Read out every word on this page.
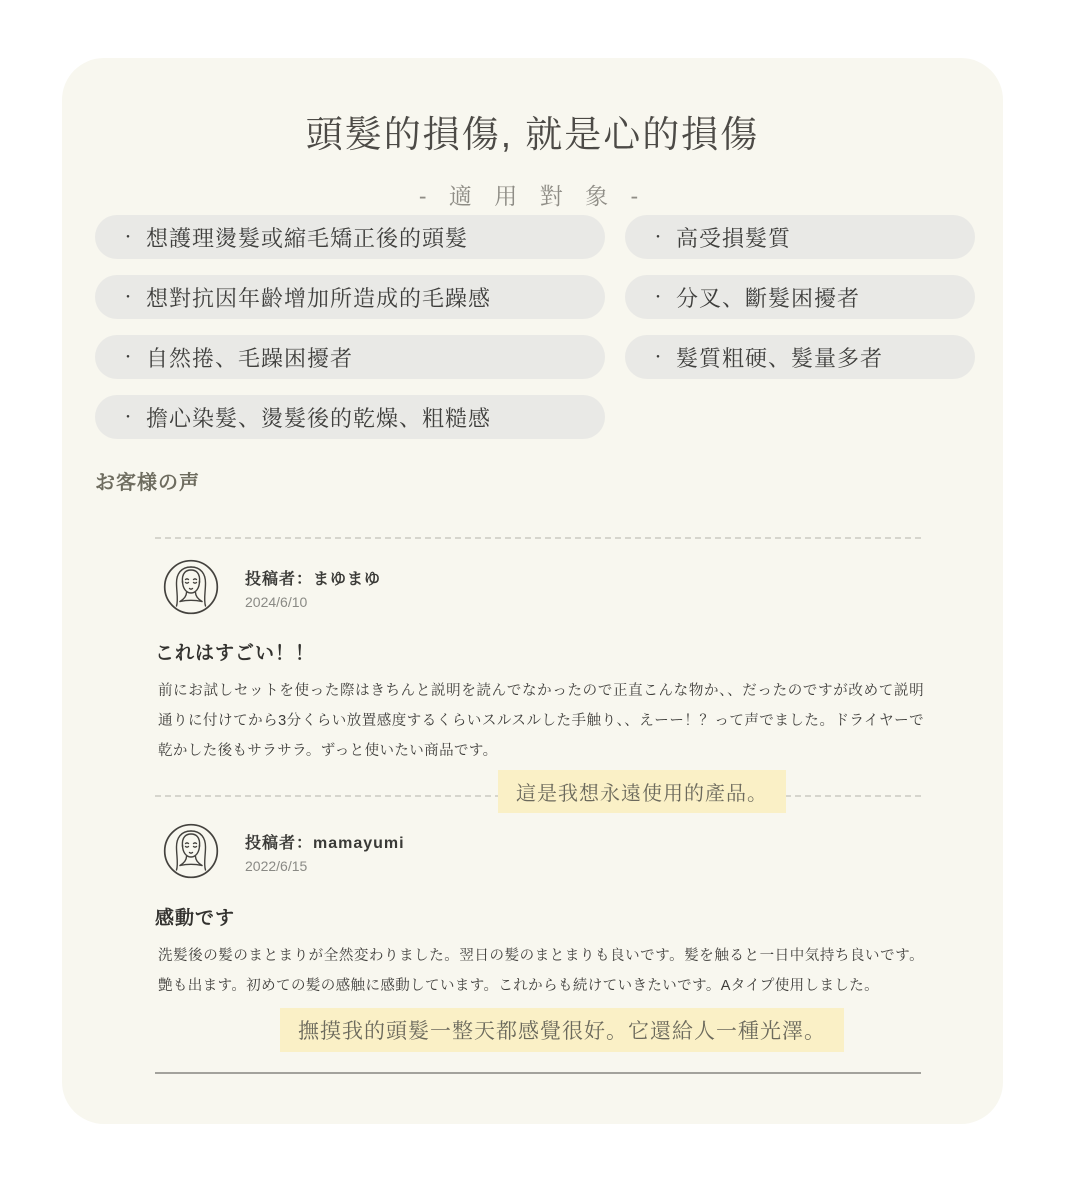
頭髮的損傷, 就是心的損傷
- 適 用 對 象 -
・ 想護理燙髮或縮毛矯正後的頭髮
・ 想對抗因年齡增加所造成的毛躁感
・ 自然捲、毛躁困擾者
・ 擔心染髮、燙髮後的乾燥、粗糙感
・ 高受損髮質
・ 分叉、斷髮困擾者
・ 髮質粗硬、髮量多者
お客様の声
投稿者：まゆまゆ
2024/6/10
これはすごい！！
前にお試しセットを使った際はきちんと説明を読んでなかったので正直こんな物か、、だったのですが改めて説明通りに付けてから3分くらい放置感度するくらいスルスルした手触り、、えーー！？って声でました。ドライヤーで乾かした後もサラサラ。ずっと使いたい商品です。
這是我想永遠使用的產品。
投稿者：mamayumi
2022/6/15
感動です
洗髪後の髪のまとまりが全然変わりました。翌日の髪のまとまりも良いです。髪を触ると一日中気持ち良いです。艶も出ます。初めての髪の感触に感動しています。これからも続けていきたいです。Aタイプ使用しました。
撫摸我的頭髮一整天都感覺很好。它還給人一種光澤。
